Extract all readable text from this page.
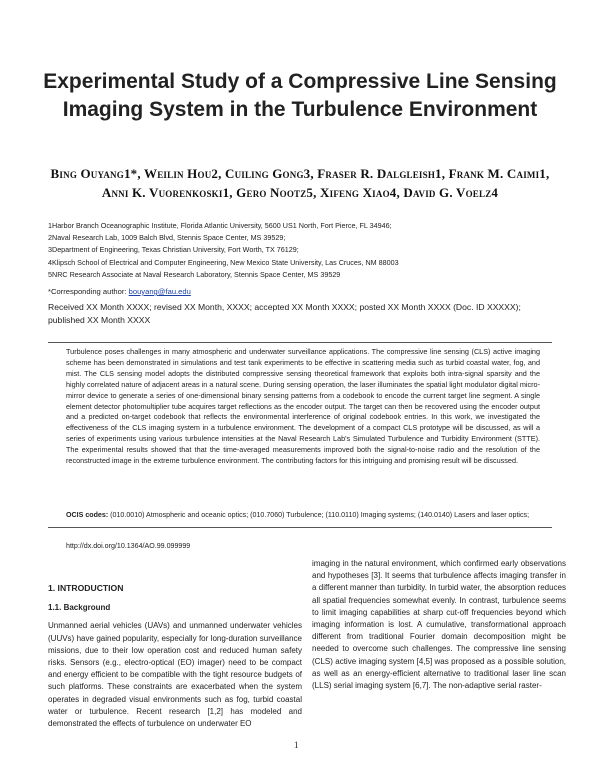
Experimental Study of a Compressive Line Sensing Imaging System in the Turbulence Environment
Bing Ouyang1*, Weilin Hou2, Cuiling Gong3, Fraser R. Dalgleish1, Frank M. Caimi1, Anni K. Vuorenkoski1, Gero Nootz5, Xifeng Xiao4, David G. Voelz4
1Harbor Branch Oceanographic Institute, Florida Atlantic University, 5600 US1 North, Fort Pierce, FL 34946;
2Naval Research Lab, 1009 Balch Blvd, Stennis Space Center, MS 39529;
3Department of Engineering, Texas Christian University, Fort Worth, TX 76129;
4Klipsch School of Electrical and Computer Engineering, New Mexico State University, Las Cruces, NM 88003
5NRC Research Associate at Naval Research Laboratory, Stennis Space Center, MS 39529
*Corresponding author: bouyang@fau.edu
Received XX Month XXXX; revised XX Month, XXXX; accepted XX Month XXXX; posted XX Month XXXX (Doc. ID XXXXX); published XX Month XXXX
Turbulence poses challenges in many atmospheric and underwater surveillance applications. The compressive line sensing (CLS) active imaging scheme has been demonstrated in simulations and test tank experiments to be effective in scattering media such as turbid coastal water, fog, and mist. The CLS sensing model adopts the distributed compressive sensing theoretical framework that exploits both intra-signal sparsity and the highly correlated nature of adjacent areas in a natural scene. During sensing operation, the laser illuminates the spatial light modulator digital micro-mirror device to generate a series of one-dimensional binary sensing patterns from a codebook to encode the current target line segment. A single element detector photomultiplier tube acquires target reflections as the encoder output. The target can then be recovered using the encoder output and a predicted on-target codebook that reflects the environmental interference of original codebook entries. In this work, we investigated the effectiveness of the CLS imaging system in a turbulence environment. The development of a compact CLS prototype will be discussed, as will a series of experiments using various turbulence intensities at the Naval Research Lab's Simulated Turbulence and Turbidity Environment (STTE). The experimental results showed that that the time-averaged measurements improved both the signal-to-noise radio and the resolution of the reconstructed image in the extreme turbulence environment. The contributing factors for this intriguing and promising result will be discussed.
OCIS codes: (010.0010) Atmospheric and oceanic optics; (010.7060) Turbulence; (110.0110) Imaging systems; (140.0140) Lasers and laser optics;
http://dx.doi.org/10.1364/AO.99.099999
1. INTRODUCTION
1.1. Background

Unmanned aerial vehicles (UAVs) and unmanned underwater vehicles (UUVs) have gained popularity, especially for long-duration surveillance missions, due to their low operation cost and reduced human safety risks. Sensors (e.g., electro-optical (EO) imager) need to be compact and energy efficient to be compatible with the tight resource budgets of such platforms. These constraints are exacerbated when the system operates in degraded visual environments such as fog, turbid coastal water or turbulence. Recent research [1,2] has modeled and demonstrated the effects of turbulence on underwater EO

imaging in the natural environment, which confirmed early observations and hypotheses [3]. It seems that turbulence affects imaging transfer in a different manner than turbidity. In turbid water, the absorption reduces all spatial frequencies somewhat evenly. In contrast, turbulence seems to limit imaging capabilities at sharp cut-off frequencies beyond which imaging information is lost. A cumulative, transformational approach different from traditional Fourier domain decomposition might be needed to overcome such challenges. The compressive line sensing (CLS) active imaging system [4,5] was proposed as a possible solution, as well as an energy-efficient alternative to traditional laser line scan (LLS) serial imaging system [6,7]. The non-adaptive serial raster-

1
